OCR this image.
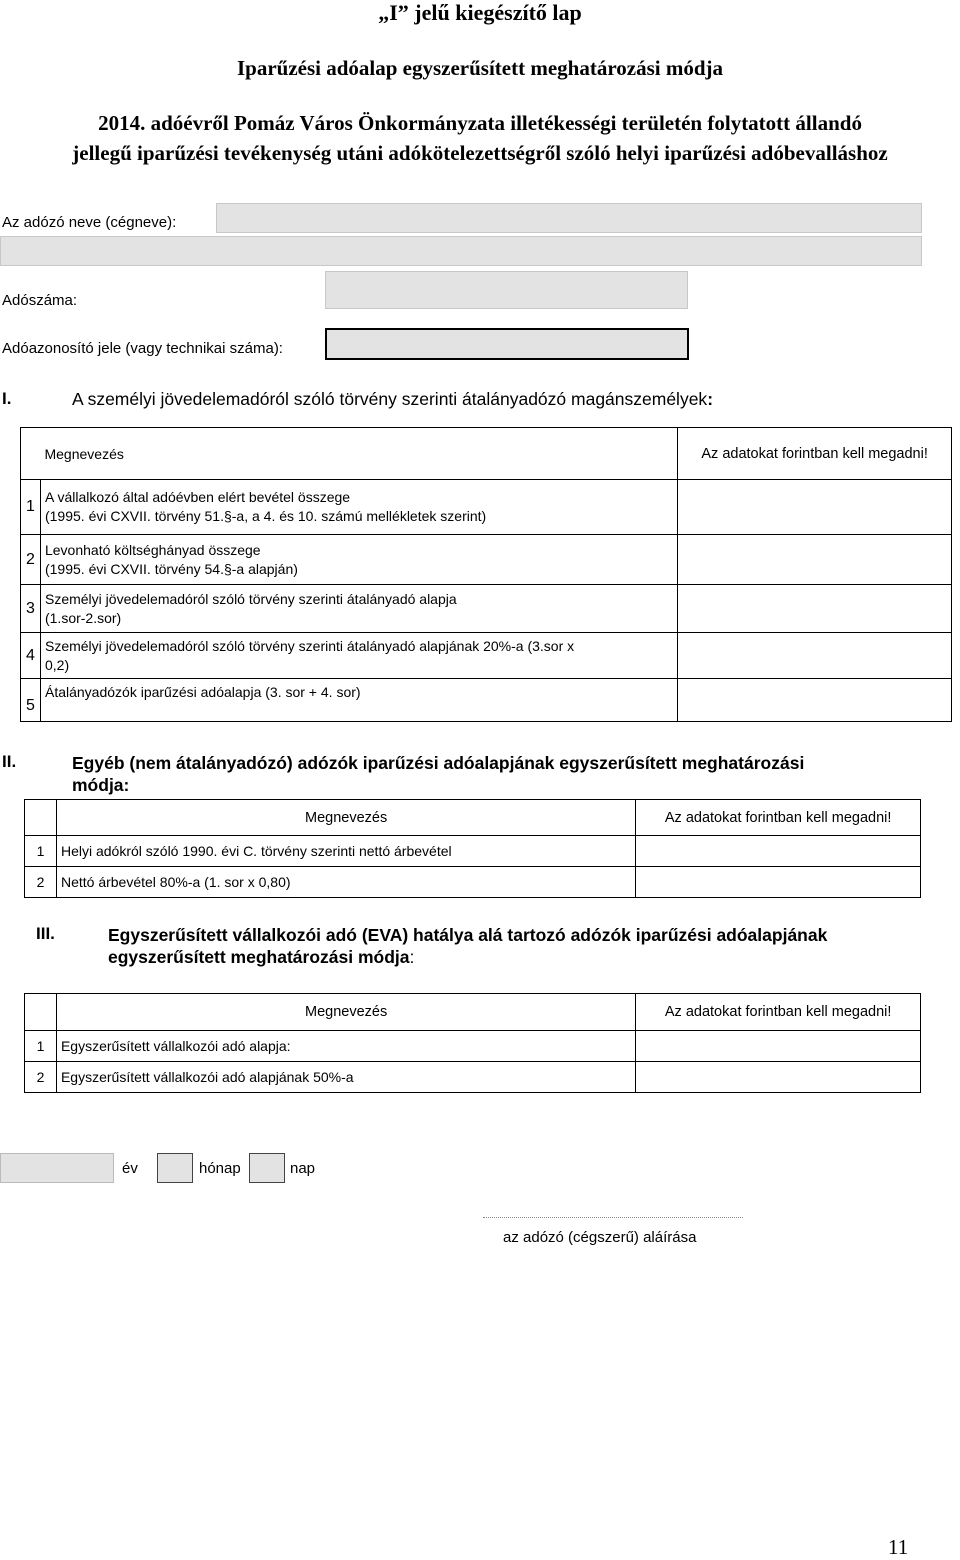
„I” jelű kiegészítő lap
Iparűzési adóalap egyszerűsített meghatározási módja
2014. adóévről Pomáz Város Önkormányzata illetékességi területén folytatott állandó
jellegű iparűzési tevékenység utáni adókötelezettségről szóló helyi iparűzési adóbevalláshoz
Az adózó neve (cégneve):
Adószáma:
Adóazonosító jele (vagy technikai száma):
I.	A személyi jövedelemadóról szóló törvény szerinti átalányadózó magánszemélyek:
	Megnevezés	Az adatokat forintban kell megadni!
1	A vállalkozó által adóévben elért bevétel összege
(1995. évi CXVII. törvény 51.§-a, a 4. és 10. számú mellékletek szerint)	

2	Levonható költséghányad összege
(1995. évi CXVII. törvény 54.§-a alapján)	

3	Személyi jövedelemadóról szóló törvény szerinti átalányadó alapja
(1.sor-2.sor)	

4	Személyi jövedelemadóról szóló törvény szerinti átalányadó alapjának 20%-a (3.sor x
0,2)	

5	Átalányadózók iparűzési adóalapja (3. sor + 4. sor)	

II.	Egyéb (nem átalányadózó) adózók iparűzési adóalapjának egyszerűsített meghatározási
módja:
	Megnevezés	Az adatokat forintban kell megadni!
1	Helyi adókról szóló 1990. évi C. törvény szerinti nettó árbevétel	
2	Nettó árbevétel 80%-a (1. sor x 0,80)	
III.	Egyszerűsített vállalkozói adó (EVA) hatálya alá tartozó adózók iparűzési adóalapjának
egyszerűsített meghatározási módja:
	Megnevezés	Az adatokat forintban kell megadni!
1	Egyszerűsített vállalkozói adó alapja:	
2	Egyszerűsített vállalkozói adó alapjának 50%-a	
év	hónap	nap
az adózó (cégszerű) aláírása
11
